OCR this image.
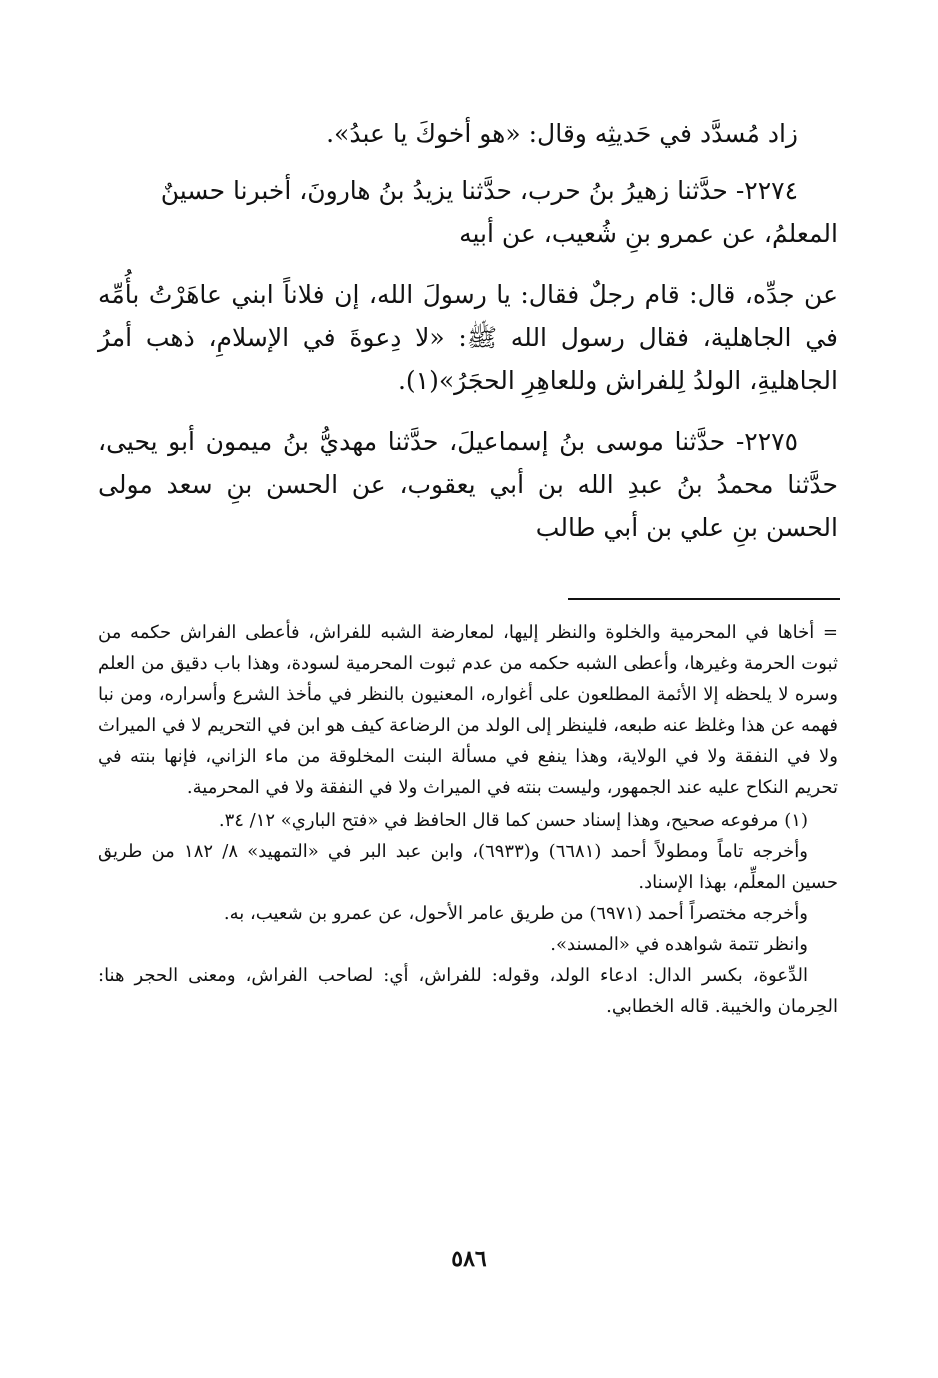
زاد مُسدَّد في حَديثِه وقال: «هو أخوكَ يا عبدُ».

٢٢٧٤- حدَّثنا زهيرُ بنُ حرب، حدَّثنا يزيدُ بنُ هارونَ، أخبرنا حسينٌ
المعلمُ، عن عمرو بنِ شُعيب، عن أبيه

عن جدِّه، قال: قام رجلٌ فقال: يا رسولَ الله، إن فلاناً ابني عاهَرْتُ بأُمِّه في الجاهلية، فقال رسول الله ﷺ: «لا دِعوةَ في الإسلامِ، ذهب أمرُ الجاهليةِ، الولدُ لِلفراش وللعاهِرِ الحجَرُ»(١).

٢٢٧٥- حدَّثنا موسى بنُ إسماعيلَ، حدَّثنا مهديُّ بنُ ميمون أبو يحيى، حدَّثنا محمدُ بنُ عبدِ الله بن أبي يعقوب، عن الحسن بنِ سعد مولى الحسن بنِ علي بن أبي طالب

= أخاها في المحرمية والخلوة والنظر إليها، لمعارضة الشبه للفراش، فأعطى الفراش حكمه من ثبوت الحرمة وغيرها، وأعطى الشبه حكمه من عدم ثبوت المحرمية لسودة، وهذا باب دقيق من العلم وسره لا يلحظه إلا الأئمة المطلعون على أغواره، المعنيون بالنظر في مأخذ الشرع وأسراره، ومن نبا فهمه عن هذا وغلظ عنه طبعه، فلينظر إلى الولد من الرضاعة كيف هو ابن في التحريم لا في الميراث ولا في النفقة ولا في الولاية، وهذا ينفع في مسألة البنت المخلوقة من ماء الزاني، فإنها بنته في تحريم النكاح عليه عند الجمهور، وليست بنته في الميراث ولا في النفقة ولا في المحرمية.

(١) مرفوعه صحيح، وهذا إسناد حسن كما قال الحافظ في «فتح الباري» ١٢/ ٣٤.

وأخرجه تاماً ومطولاً أحمد (٦٦٨١) و(٦٩٣٣)، وابن عبد البر في «التمهيد» ٨/ ١٨٢ من طريق حسين المعلِّم، بهذا الإسناد.

وأخرجه مختصراً أحمد (٦٩٧١) من طريق عامر الأحول، عن عمرو بن شعيب، به.

وانظر تتمة شواهده في «المسند».

الدِّعوة، بكسر الدال: ادعاء الولد، وقوله: للفراش، أي: لصاحب الفراش، ومعنى الحجر هنا: الحِرمان والخيبة. قاله الخطابي.

٥٨٦
